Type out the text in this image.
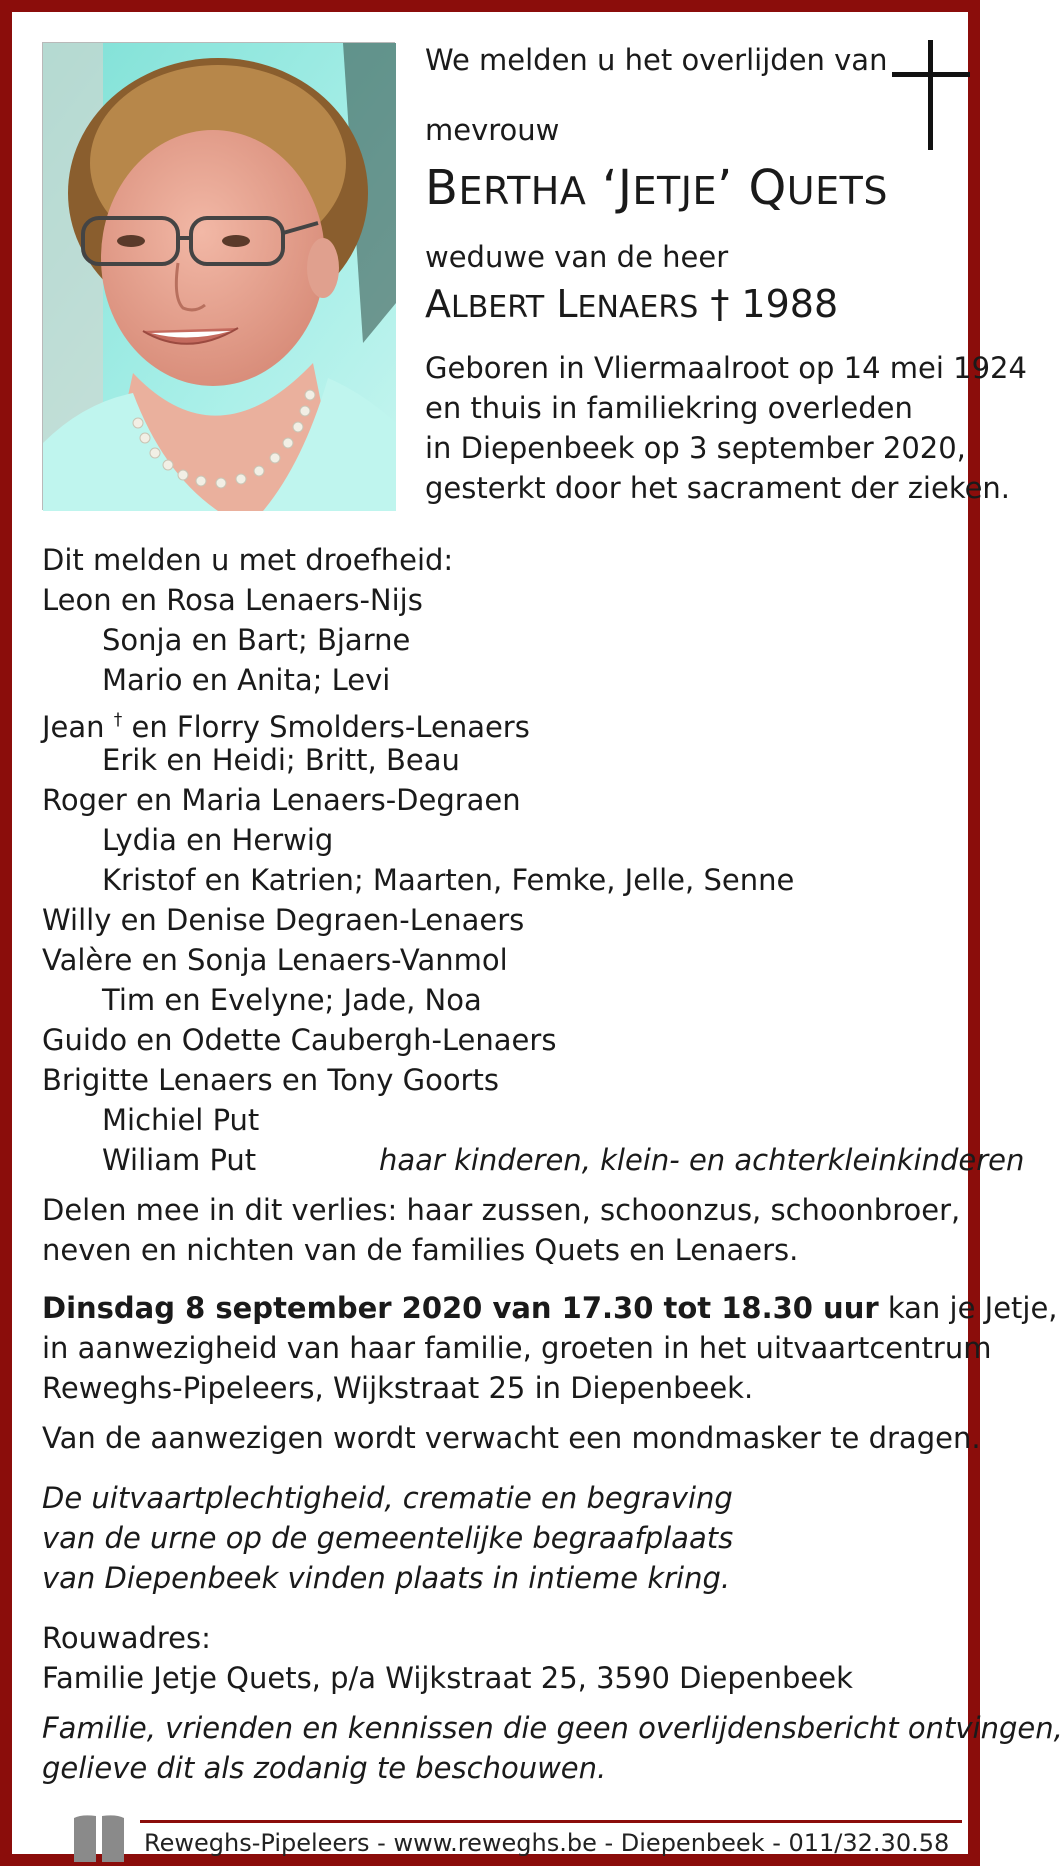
We melden u het overlijden van
mevrouw
BERTHA ‘JETJE’ QUETS
weduwe van de heer
ALBERT LENAERS † 1988
Geboren in Vliermaalroot op 14 mei 1924
en thuis in familiekring overleden
in Diepenbeek op 3 september 2020,
gesterkt door het sacrament der zieken.
Dit melden u met droefheid:
Leon en Rosa Lenaers-Nijs
Sonja en Bart; Bjarne
Mario en Anita; Levi
Jean † en Florry Smolders-Lenaers
Erik en Heidi; Britt, Beau
Roger en Maria Lenaers-Degraen
Lydia en Herwig
Kristof en Katrien; Maarten, Femke, Jelle, Senne
Willy en Denise Degraen-Lenaers
Valère en Sonja Lenaers-Vanmol
Tim en Evelyne; Jade, Noa
Guido en Odette Caubergh-Lenaers
Brigitte Lenaers en Tony Goorts
Michiel Put
Wiliam Put	haar kinderen, klein- en achterkleinkinderen
Delen mee in dit verlies: haar zussen, schoonzus, schoonbroer,
neven en nichten van de families Quets en Lenaers.
Dinsdag 8 september 2020 van 17.30 tot 18.30 uur kan je Jetje,
in aanwezigheid van haar familie, groeten in het uitvaartcentrum
Reweghs-Pipeleers, Wijkstraat 25 in Diepenbeek.
Van de aanwezigen wordt verwacht een mondmasker te dragen.
De uitvaartplechtigheid, crematie en begraving
van de urne op de gemeentelijke begraafplaats
van Diepenbeek vinden plaats in intieme kring.
Rouwadres:
Familie Jetje Quets, p/a Wijkstraat 25, 3590 Diepenbeek
Familie, vrienden en kennissen die geen overlijdensbericht ontvingen,
gelieve dit als zodanig te beschouwen.
Reweghs-Pipeleers - www.reweghs.be - Diepenbeek - 011/32.30.58
